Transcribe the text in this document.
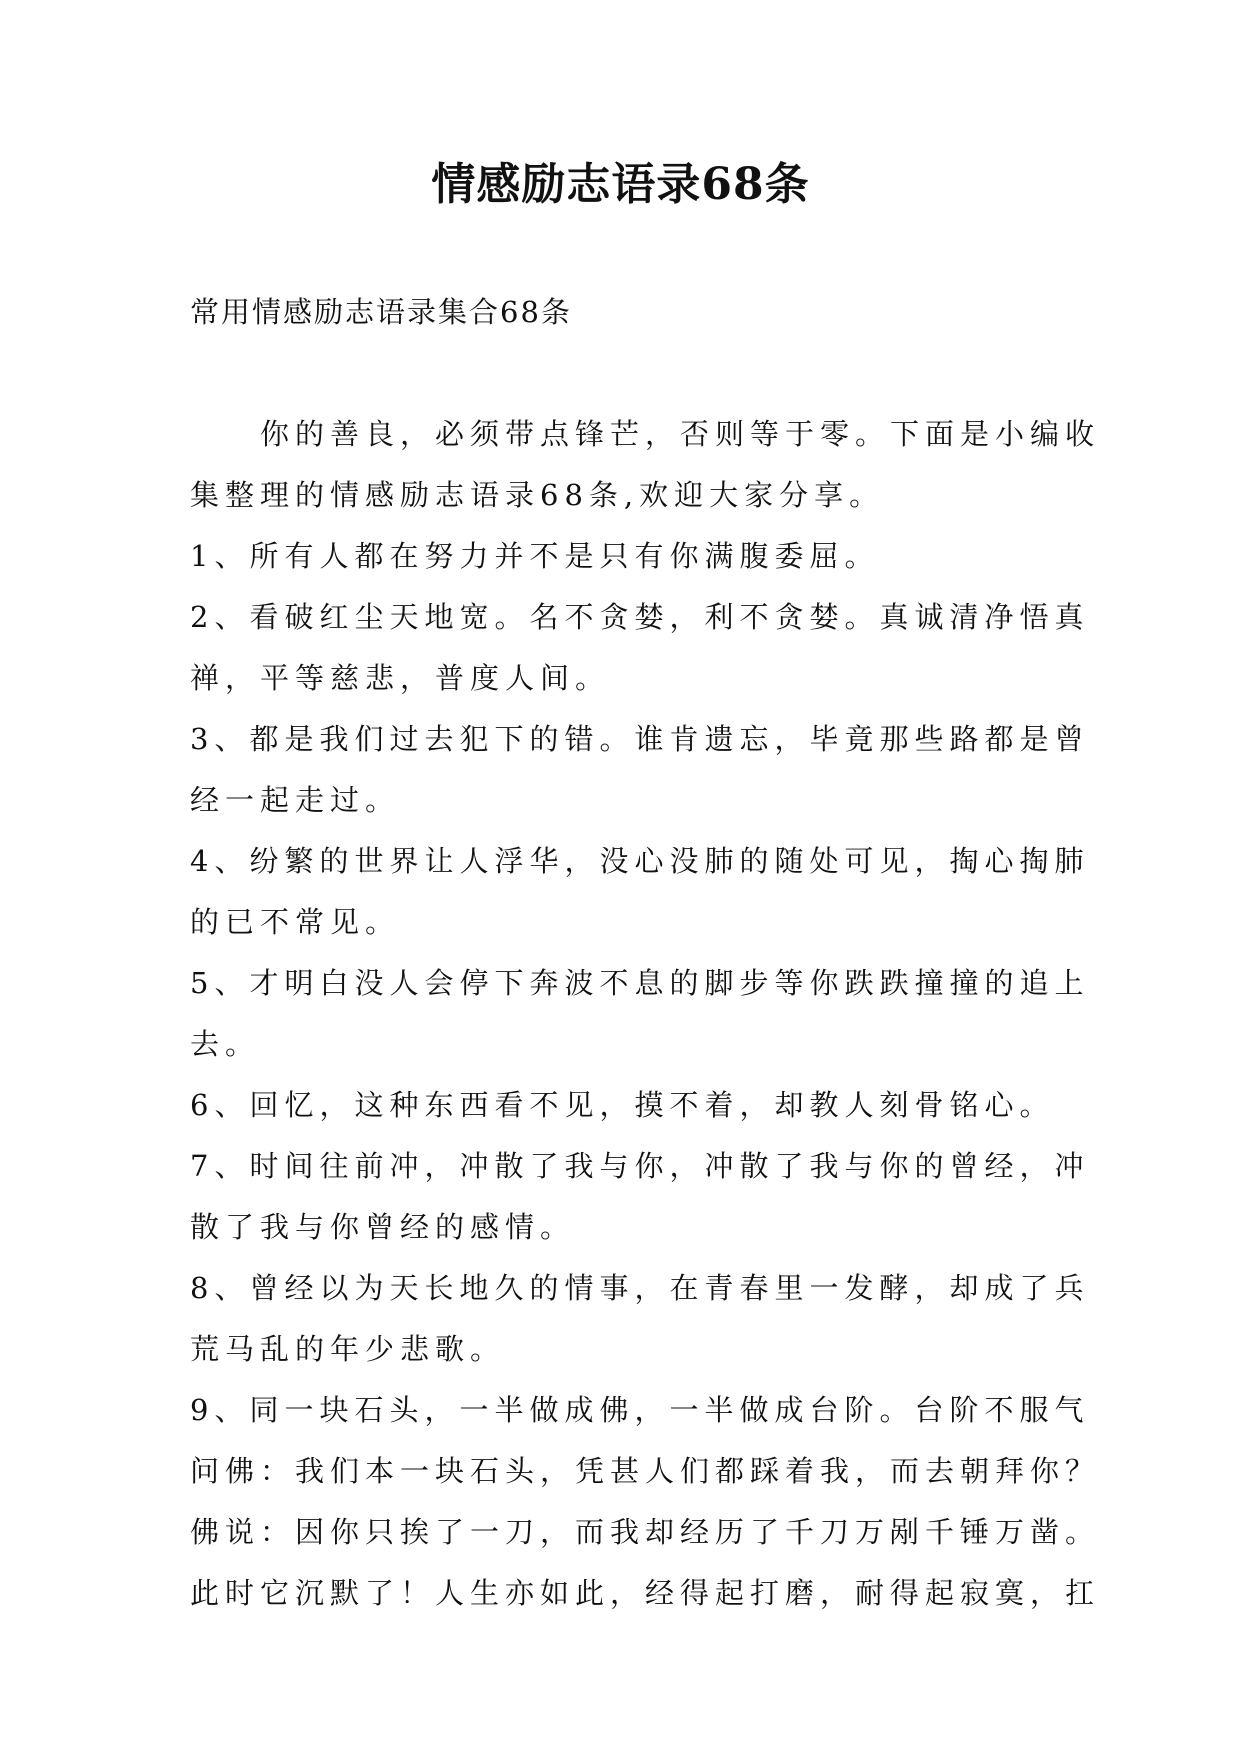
情感励志语录68条

常用情感励志语录集合68条

你的善良，必须带点锋芒，否则等于零。下面是小编收
集整理的情感励志语录68条,欢迎大家分享。
1、所有人都在努力并不是只有你满腹委屈。
2、看破红尘天地宽。名不贪婪，利不贪婪。真诚清净悟真
禅，平等慈悲，普度人间。
3、都是我们过去犯下的错。谁肯遗忘，毕竟那些路都是曾
经一起走过。
4、纷繁的世界让人浮华，没心没肺的随处可见，掏心掏肺
的已不常见。
5、才明白没人会停下奔波不息的脚步等你跌跌撞撞的追上
去。
6、回忆，这种东西看不见，摸不着，却教人刻骨铭心。
7、时间往前冲，冲散了我与你，冲散了我与你的曾经，冲
散了我与你曾经的感情。
8、曾经以为天长地久的情事，在青春里一发酵，却成了兵
荒马乱的年少悲歌。
9、同一块石头，一半做成佛，一半做成台阶。台阶不服气
问佛：我们本一块石头，凭甚人们都踩着我，而去朝拜你？
佛说：因你只挨了一刀，而我却经历了千刀万剐千锤万凿。
此时它沉默了！人生亦如此，经得起打磨，耐得起寂寞，扛
